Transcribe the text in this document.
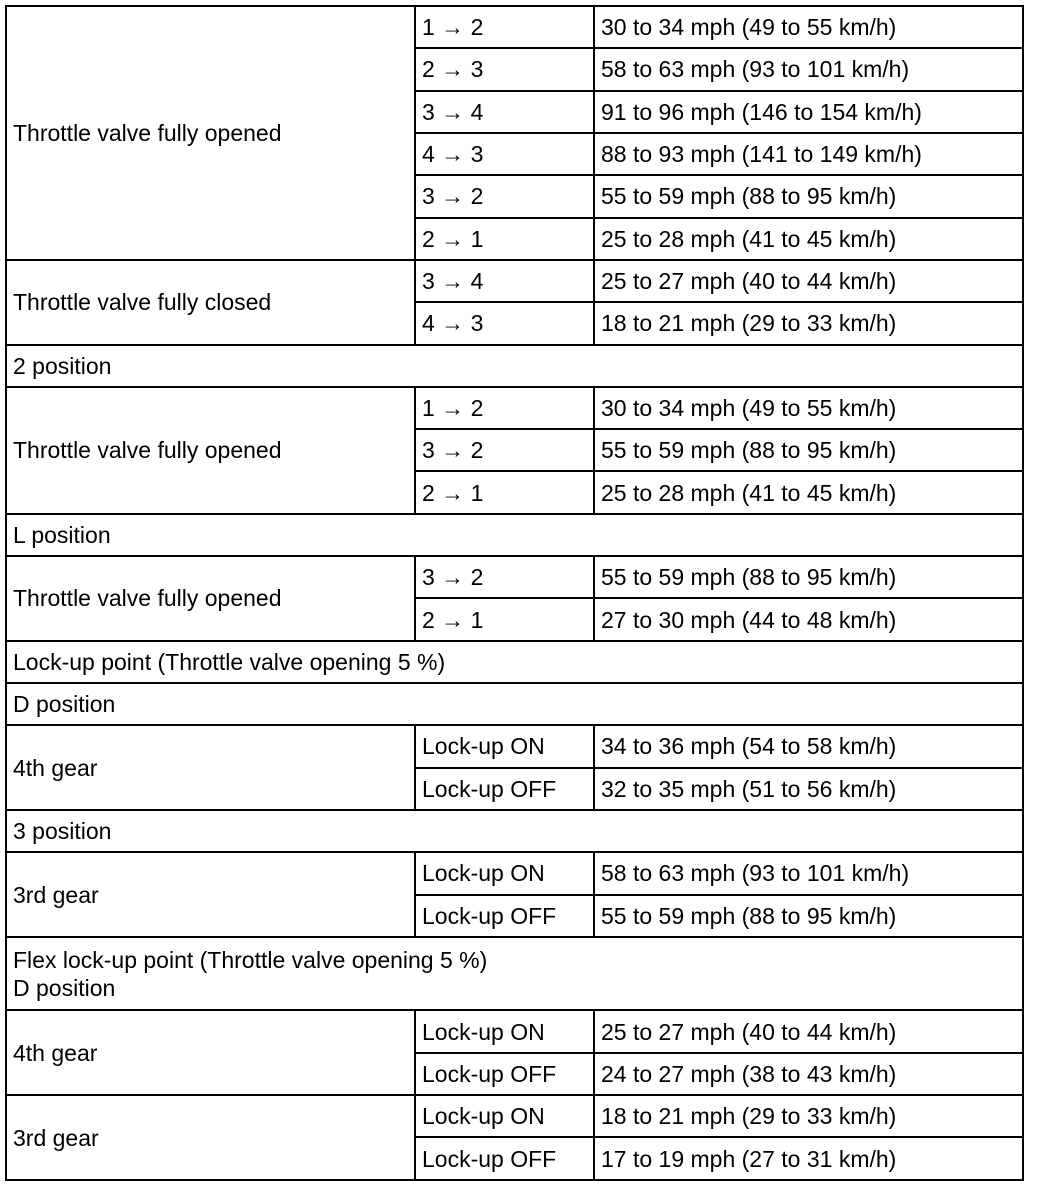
Throttle valve fully opened	1 → 2	30 to 34 mph (49 to 55 km/h)
	2 → 3	58 to 63 mph (93 to 101 km/h)
	3 → 4	91 to 96 mph (146 to 154 km/h)
	4 → 3	88 to 93 mph (141 to 149 km/h)
	3 → 2	55 to 59 mph (88 to 95 km/h)
	2 → 1	25 to 28 mph (41 to 45 km/h)
Throttle valve fully closed	3 → 4	25 to 27 mph (40 to 44 km/h)
	4 → 3	18 to 21 mph (29 to 33 km/h)

2 position		

Throttle valve fully opened	1 → 2	30 to 34 mph (49 to 55 km/h)
	3 → 2	55 to 59 mph (88 to 95 km/h)
	2 → 1	25 to 28 mph (41 to 45 km/h)

L position		

Throttle valve fully opened	3 → 2	55 to 59 mph (88 to 95 km/h)
	2 → 1	27 to 30 mph (44 to 48 km/h)

Lock-up point (Throttle valve opening 5 %)		

D position		

4th gear	Lock-up ON	34 to 36 mph (54 to 58 km/h)
	Lock-up OFF	32 to 35 mph (51 to 56 km/h)

3 position		

3rd gear	Lock-up ON	58 to 63 mph (93 to 101 km/h)
	Lock-up OFF	55 to 59 mph (88 to 95 km/h)

Flex lock-up point (Throttle valve opening 5 %)
D position		

4th gear	Lock-up ON	25 to 27 mph (40 to 44 km/h)
	Lock-up OFF	24 to 27 mph (38 to 43 km/h)
3rd gear	Lock-up ON	18 to 21 mph (29 to 33 km/h)
	Lock-up OFF	17 to 19 mph (27 to 31 km/h)
